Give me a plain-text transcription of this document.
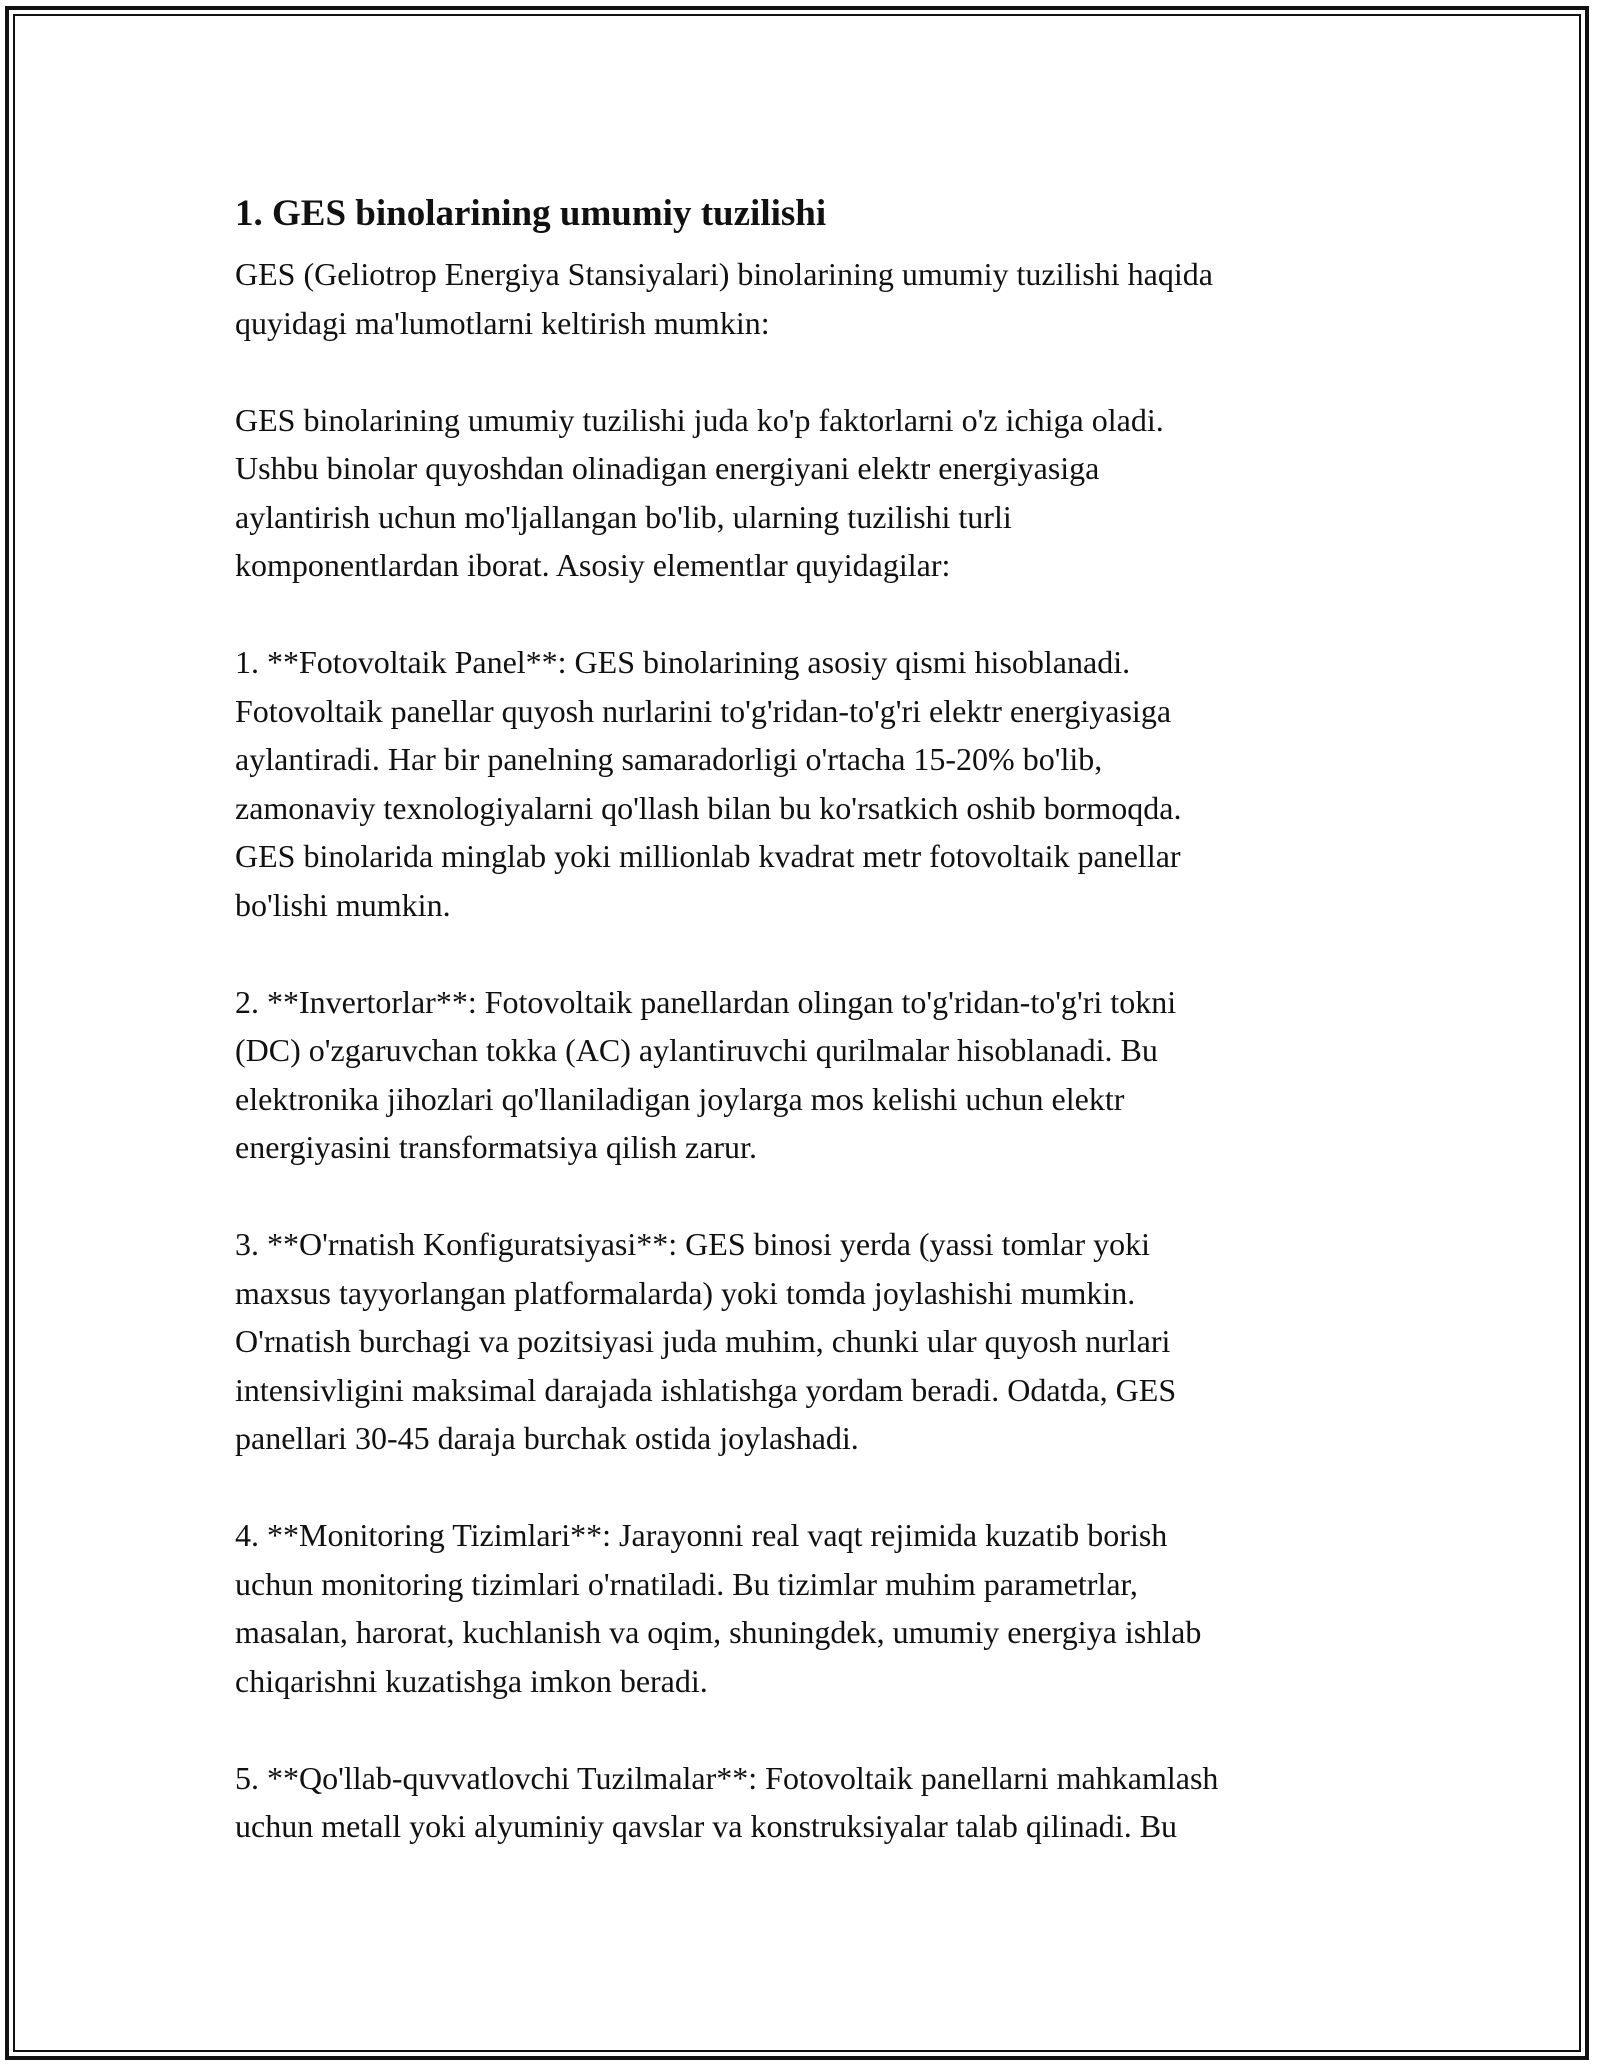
1. GES binolarining umumiy tuzilishi

GES (Geliotrop Energiya Stansiyalari) binolarining umumiy tuzilishi haqida
quyidagi ma'lumotlarni keltirish mumkin:

GES binolarining umumiy tuzilishi juda ko'p faktorlarni o'z ichiga oladi.
Ushbu binolar quyoshdan olinadigan energiyani elektr energiyasiga
aylantirish uchun mo'ljallangan bo'lib, ularning tuzilishi turli
komponentlardan iborat. Asosiy elementlar quyidagilar:

1. **Fotovoltaik Panel**: GES binolarining asosiy qismi hisoblanadi.
Fotovoltaik panellar quyosh nurlarini to'g'ridan-to'g'ri elektr energiyasiga
aylantiradi. Har bir panelning samaradorligi o'rtacha 15-20% bo'lib,
zamonaviy texnologiyalarni qo'llash bilan bu ko'rsatkich oshib bormoqda.
GES binolarida minglab yoki millionlab kvadrat metr fotovoltaik panellar
bo'lishi mumkin.

2. **Invertorlar**: Fotovoltaik panellardan olingan to'g'ridan-to'g'ri tokni
(DC) o'zgaruvchan tokka (AC) aylantiruvchi qurilmalar hisoblanadi. Bu
elektronika jihozlari qo'llaniladigan joylarga mos kelishi uchun elektr
energiyasini transformatsiya qilish zarur.

3. **O'rnatish Konfiguratsiyasi**: GES binosi yerda (yassi tomlar yoki
maxsus tayyorlangan platformalarda) yoki tomda joylashishi mumkin.
O'rnatish burchagi va pozitsiyasi juda muhim, chunki ular quyosh nurlari
intensivligini maksimal darajada ishlatishga yordam beradi. Odatda, GES
panellari 30-45 daraja burchak ostida joylashadi.

4. **Monitoring Tizimlari**: Jarayonni real vaqt rejimida kuzatib borish
uchun monitoring tizimlari o'rnatiladi. Bu tizimlar muhim parametrlar,
masalan, harorat, kuchlanish va oqim, shuningdek, umumiy energiya ishlab
chiqarishni kuzatishga imkon beradi.

5. **Qo'llab-quvvatlovchi Tuzilmalar**: Fotovoltaik panellarni mahkamlash
uchun metall yoki alyuminiy qavslar va konstruksiyalar talab qilinadi. Bu
